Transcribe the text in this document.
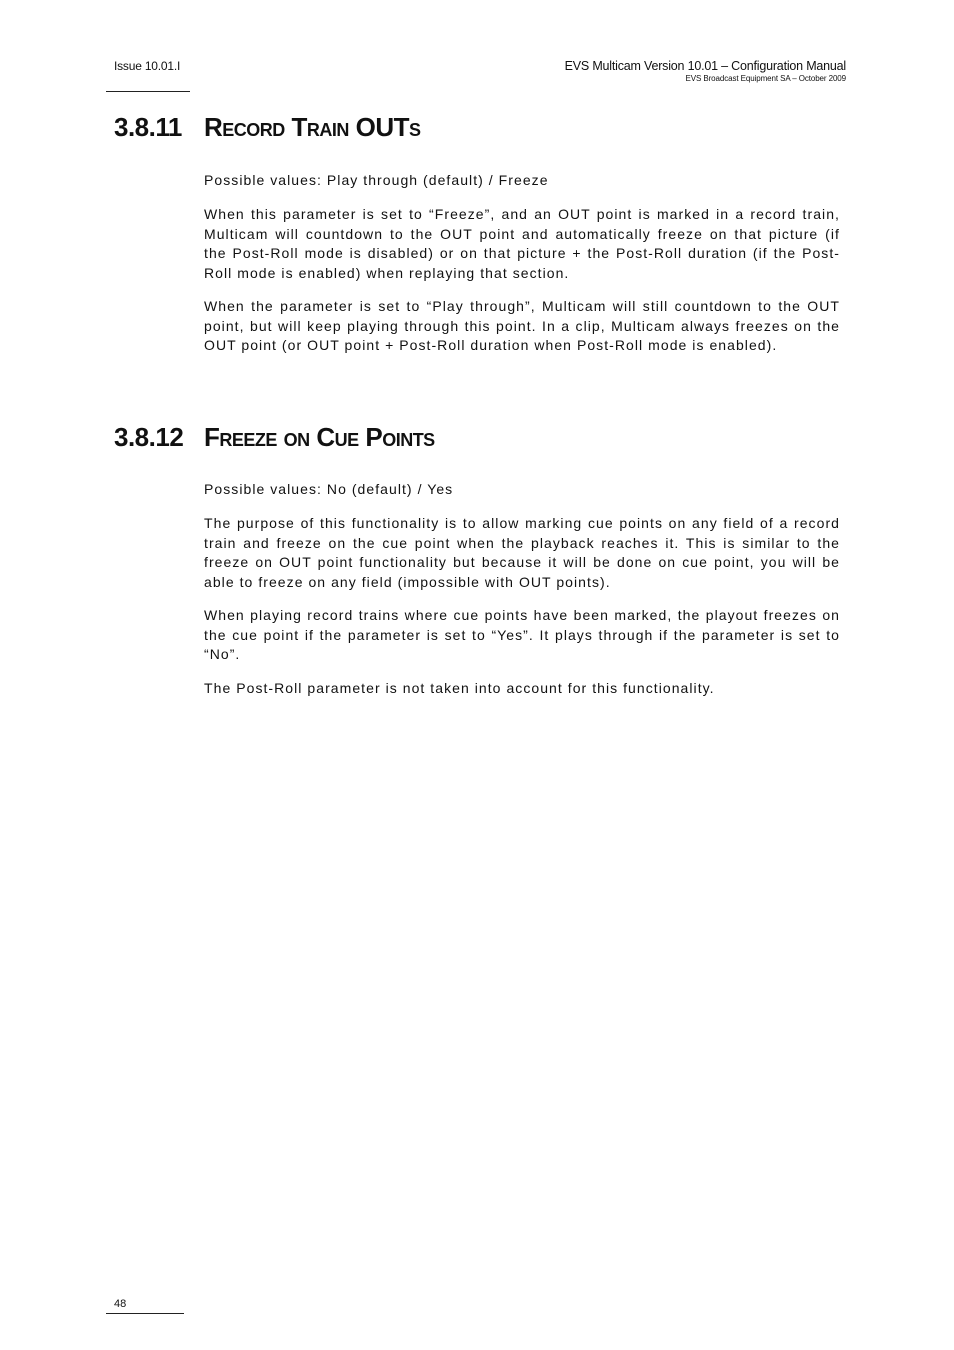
Issue 10.01.I	EVS Multicam Version 10.01 – Configuration Manual
EVS Broadcast Equipment SA – October 2009
3.8.11 Record Train OUTs

Possible values: Play through (default) / Freeze

When this parameter is set to “Freeze”, and an OUT point is marked in a record train, Multicam will countdown to the OUT point and automatically freeze on that picture (if the Post-Roll mode is disabled) or on that picture + the Post-Roll duration (if the Post-Roll mode is enabled) when replaying that section.

When the parameter is set to “Play through”, Multicam will still countdown to the OUT point, but will keep playing through this point. In a clip, Multicam always freezes on the OUT point (or OUT point + Post-Roll duration when Post-Roll mode is enabled).

3.8.12 Freeze on Cue Points

Possible values: No (default) / Yes

The purpose of this functionality is to allow marking cue points on any field of a record train and freeze on the cue point when the playback reaches it. This is similar to the freeze on OUT point functionality but because it will be done on cue point, you will be able to freeze on any field (impossible with OUT points).

When playing record trains where cue points have been marked, the playout freezes on the cue point if the parameter is set to “Yes”. It plays through if the parameter is set to “No”.

The Post-Roll parameter is not taken into account for this functionality.

48
